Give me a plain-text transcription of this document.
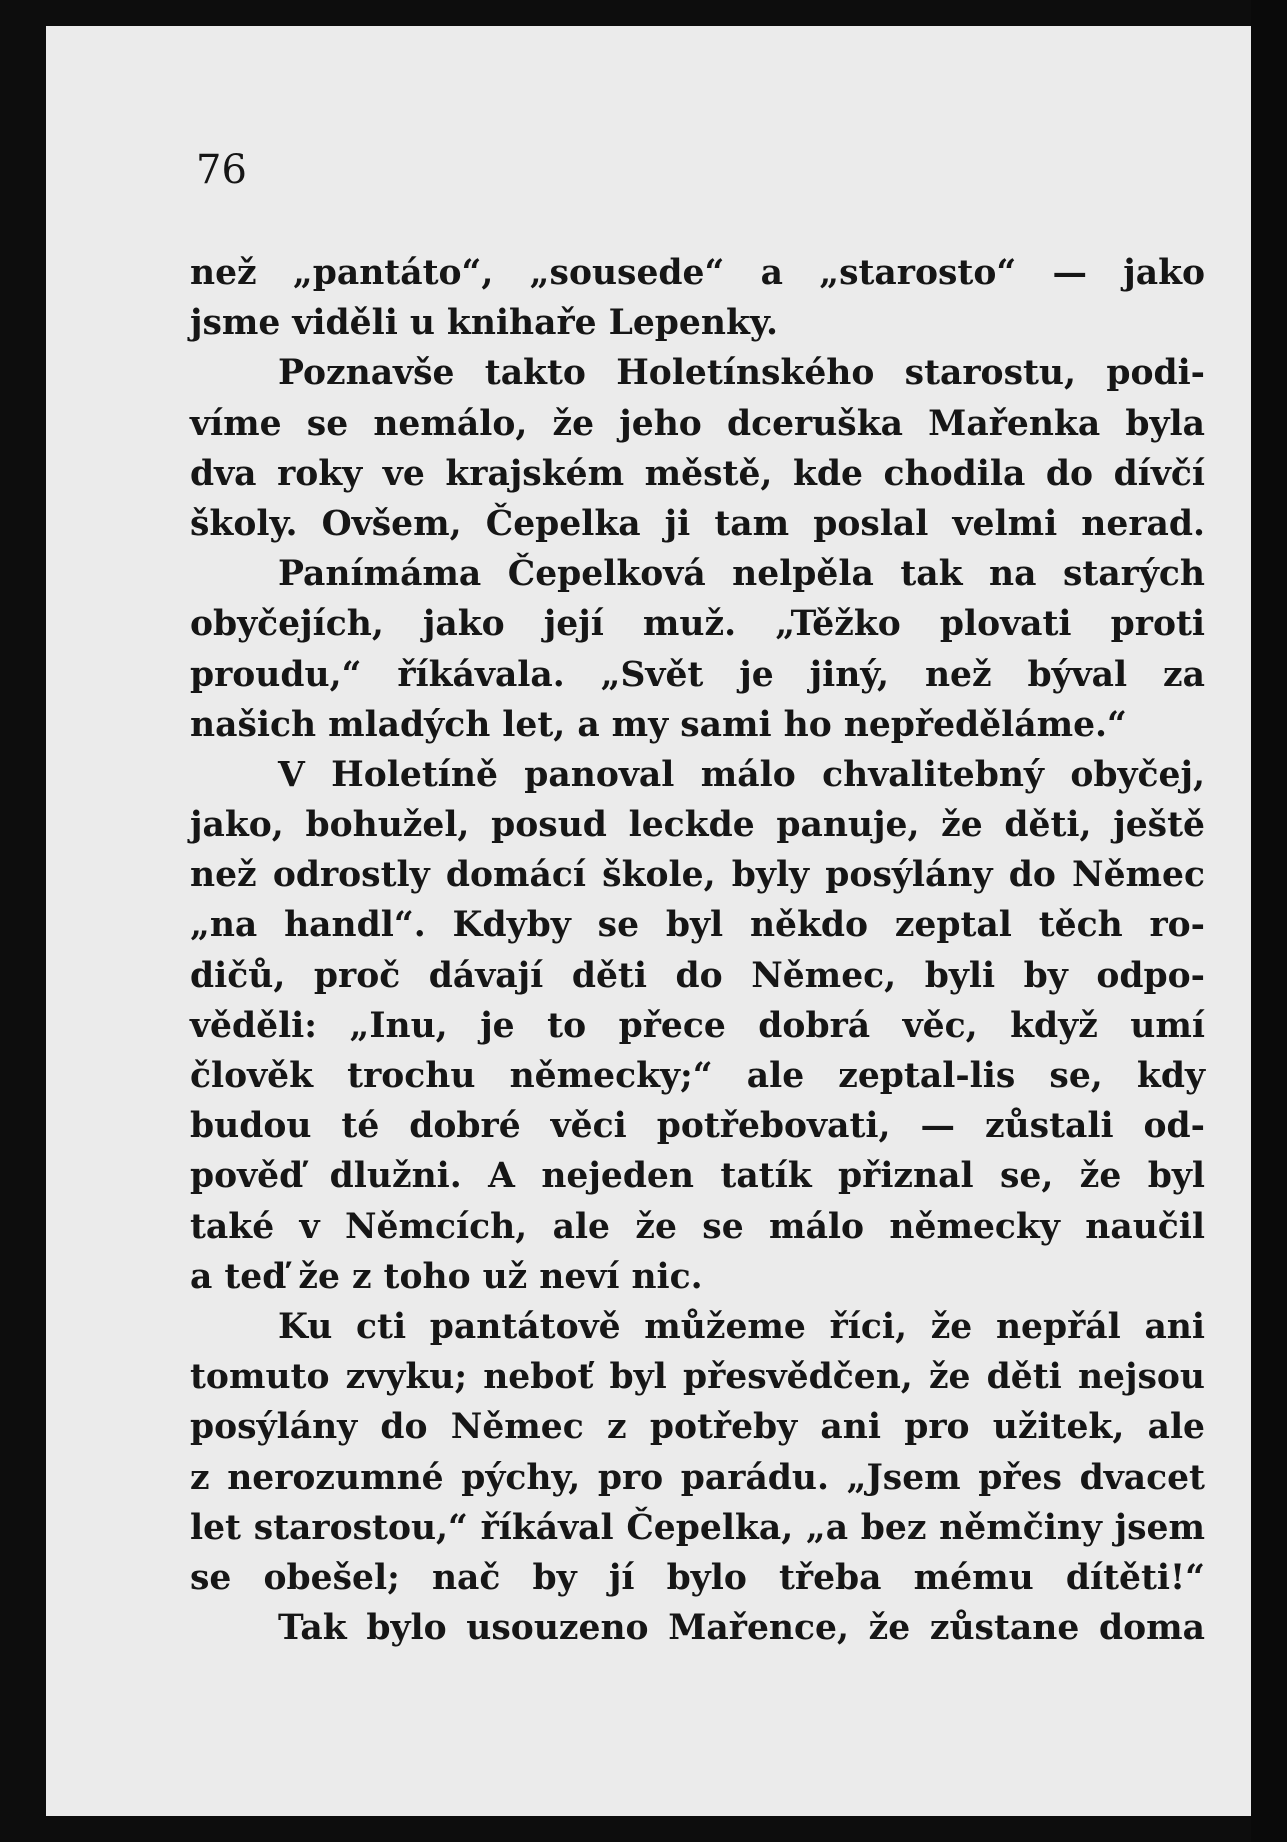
76
než „pantáto“, „sousede“ a „starosto“ — jako
jsme viděli u knihaře Lepenky.
Poznavše takto Holetínského starostu, podi-
víme se nemálo, že jeho dceruška Mařenka byla
dva roky ve krajském městě, kde chodila do dívčí
školy. Ovšem, Čepelka ji tam poslal velmi nerad.
Panímáma Čepelková nelpěla tak na starých
obyčejích, jako její muž. „Těžko plovati proti
proudu,“ říkávala. „Svět je jiný, než býval za
našich mladých let, a my sami ho nepředěláme.“
V Holetíně panoval málo chvalitebný obyčej,
jako, bohužel, posud leckde panuje, že děti, ještě
než odrostly domácí škole, byly posýlány do Němec
„na handl“. Kdyby se byl někdo zeptal těch ro-
dičů, proč dávají děti do Němec, byli by odpo-
věděli: „Inu, je to přece dobrá věc, když umí
člověk trochu německy;“ ale zeptal-lis se, kdy
budou té dobré věci potřebovati, — zůstali od-
pověď dlužni. A nejeden tatík přiznal se, že byl
také v Němcích, ale že se málo německy naučil
a teď že z toho už neví nic.
Ku cti pantátově můžeme říci, že nepřál ani
tomuto zvyku; neboť byl přesvědčen, že děti nejsou
posýlány do Němec z potřeby ani pro užitek, ale
z nerozumné pýchy, pro parádu. „Jsem přes dvacet
let starostou,“ říkával Čepelka, „a bez němčiny jsem
se obešel; nač by jí bylo třeba mému dítěti!“
Tak bylo usouzeno Mařence, že zůstane doma
